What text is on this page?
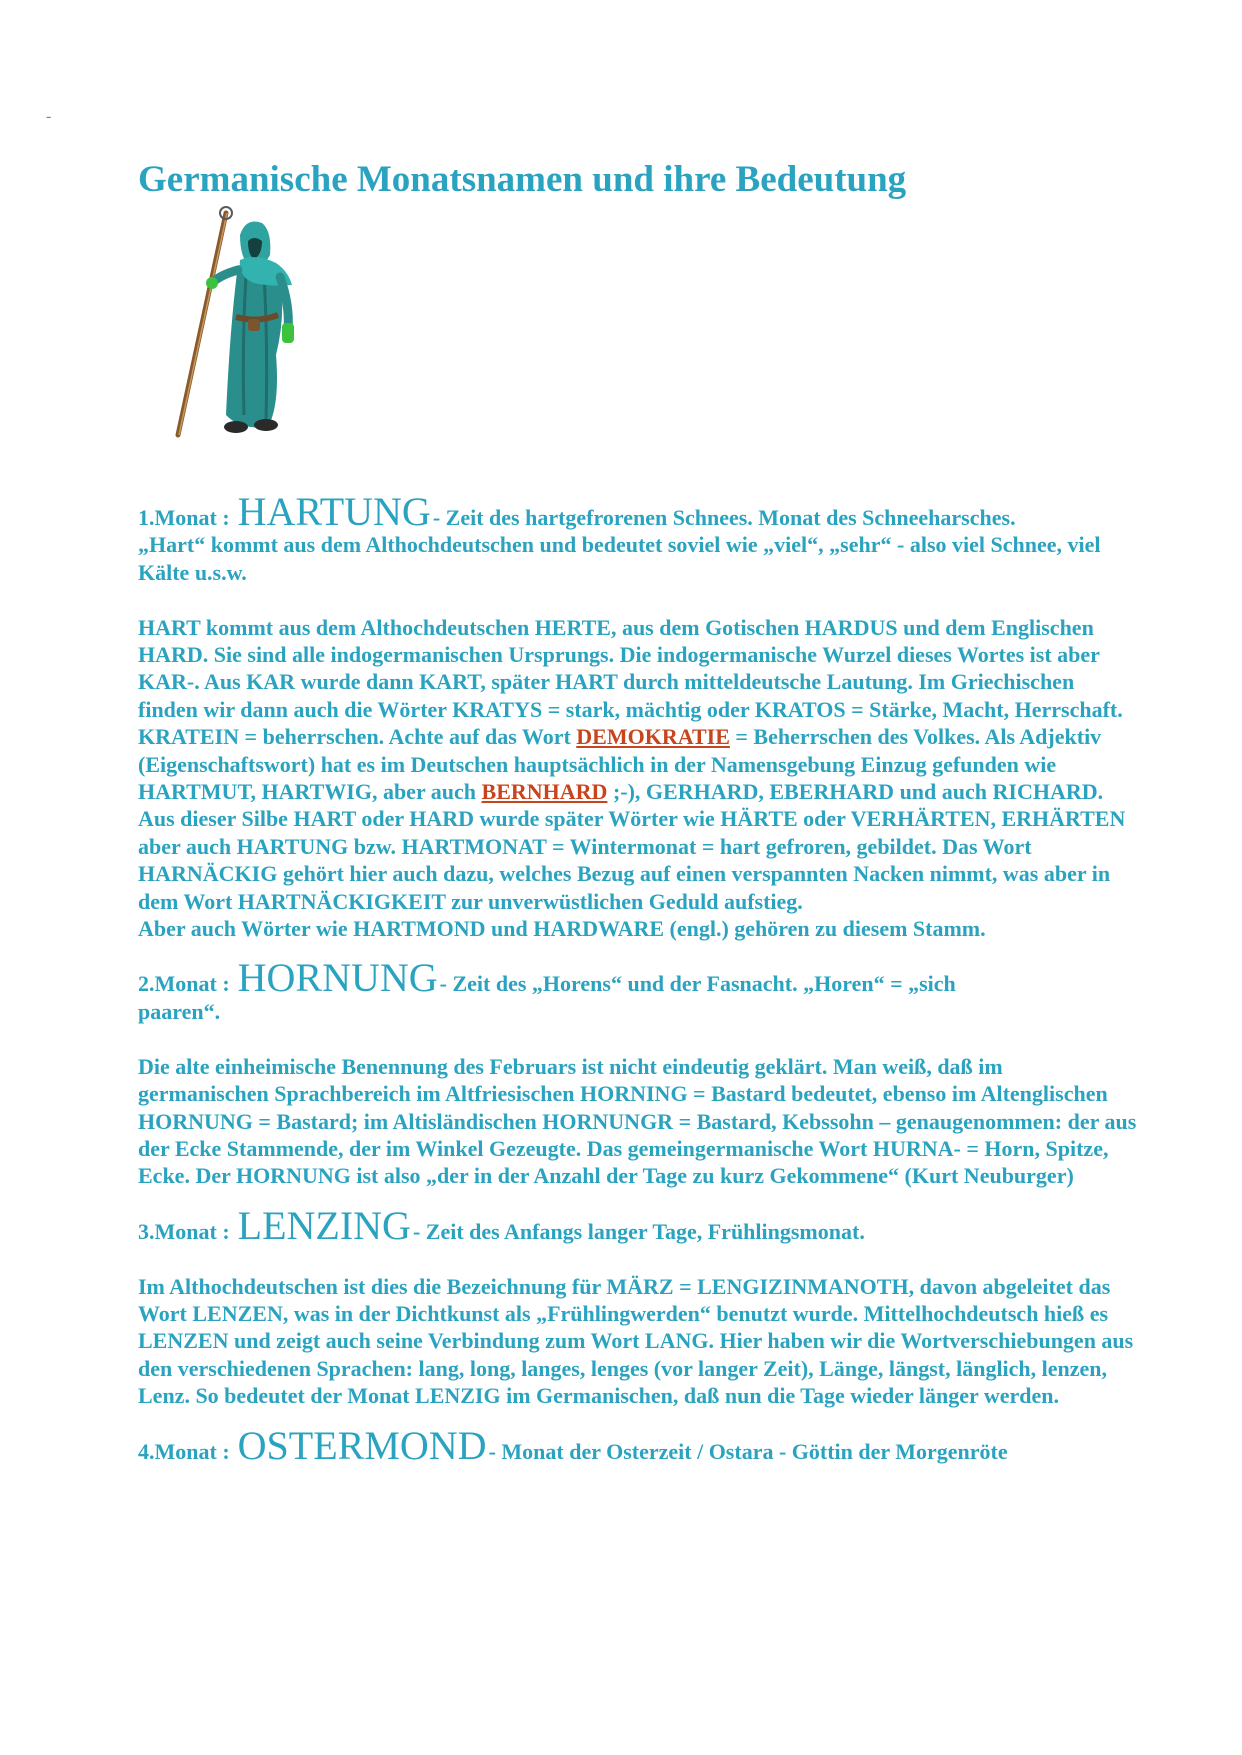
-
Germanische Monatsnamen und ihre Bedeutung

1.Monat : HARTUNG- Zeit des hartgefrorenen Schnees. Monat des Schneeharsches.

„Hart“ kommt aus dem Althochdeutschen und bedeutet soviel wie „viel“, „sehr“ - also viel Schnee, viel Kälte u.s.w.

HART kommt aus dem Althochdeutschen HERTE, aus dem Gotischen HARDUS und dem Englischen HARD. Sie sind alle indogermanischen Ursprungs. Die indogermanische Wurzel dieses Wortes ist aber KAR-. Aus KAR wurde dann KART, später HART durch mitteldeutsche Lautung. Im Griechischen finden wir dann auch die Wörter KRATYS = stark, mächtig oder KRATOS = Stärke, Macht, Herrschaft. KRATEIN = beherrschen. Achte auf das Wort DEMOKRATIE = Beherrschen des Volkes. Als Adjektiv (Eigenschaftswort) hat es im Deutschen hauptsächlich in der Namensgebung Einzug gefunden wie HARTMUT, HARTWIG, aber auch BERNHARD ;-), GERHARD, EBERHARD und auch RICHARD. Aus dieser Silbe HART oder HARD wurde später Wörter wie HÄRTE oder VERHÄRTEN, ERHÄRTEN aber auch HARTUNG bzw. HARTMONAT = Wintermonat = hart gefroren, gebildet. Das Wort HARNÄCKIG gehört hier auch dazu, welches Bezug auf einen verspannten Nacken nimmt, was aber in dem Wort HARTNÄCKIGKEIT zur unverwüstlichen Geduld aufstieg.

Aber auch Wörter wie HARTMOND und HARDWARE (engl.) gehören zu diesem Stamm.

2.Monat : HORNUNG- Zeit des „Horens“ und der Fasnacht. „Horen“ = „sich

paaren“.

Die alte einheimische Benennung des Februars ist nicht eindeutig geklärt. Man weiß, daß im germanischen Sprachbereich im Altfriesischen HORNING = Bastard bedeutet, ebenso im Altenglischen HORNUNG = Bastard; im Altisländischen HORNUNGR = Bastard, Kebssohn – genaugenommen: der aus der Ecke Stammende, der im Winkel Gezeugte. Das gemeingermanische Wort HURNA- = Horn, Spitze, Ecke. Der HORNUNG ist also „der in der Anzahl der Tage zu kurz Gekommene“ (Kurt Neuburger)

3.Monat : LENZING- Zeit des Anfangs langer Tage, Frühlingsmonat.

Im Althochdeutschen ist dies die Bezeichnung für MÄRZ = LENGIZINMANOTH, davon abgeleitet das Wort LENZEN, was in der Dichtkunst als „Frühlingwerden“ benutzt wurde. Mittelhochdeutsch hieß es LENZEN und zeigt auch seine Verbindung zum Wort LANG. Hier haben wir die Wortverschiebungen aus den verschiedenen Sprachen: lang, long, langes, lenges (vor langer Zeit), Länge, längst, länglich, lenzen, Lenz. So bedeutet der Monat LENZIG im Germanischen, daß nun die Tage wieder länger werden.

4.Monat : OSTERMOND- Monat der Osterzeit / Ostara - Göttin der Morgenröte
